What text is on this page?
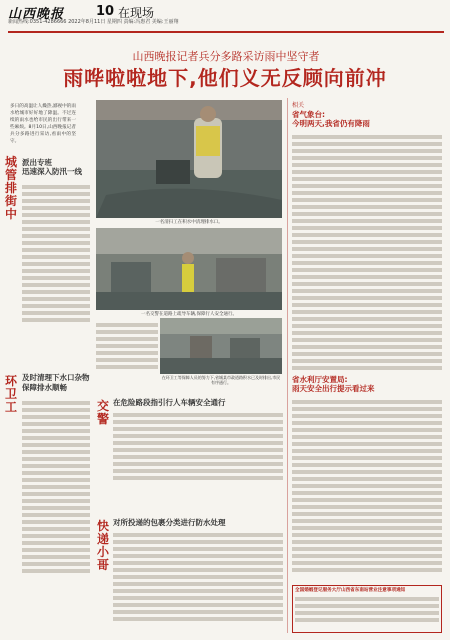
山西晚报 10 在现场
新闻热线:0351-4286666 2022年8月11日 星期四 责编:冯惠君 美编:王丽翔
山西晚报记者兵分多路采访雨中坚守者
雨哗啦啦地下,他们义无反顾向前冲
多日的高温让人燥热,鄙视中的雨水给城市好好地了降温。不过连续的雨水也给市民的出行带来一些麻烦。8月10日,山西晚报记者兵分多路进行采访,看雨中的坚守。
城管排街中
派出专班
迅速深入防汛一线
环卫工
及时清理下水口杂物
保障排水顺畅
一名清扫工在积水中清理排水口。
一名交警在道路上疏导车辆,保障行人安全通行。
在环卫工等保障人员的努力下,省城某市政道路积水已及时排出,市民有序通行。
交警
在危险路段指引行人车辆安全通行
快递小哥
对所投递的包裹分类进行防水处理
相关
省气象台:
今明两天,我省仍有降雨
省水利厅安置局:
雨天安全出行提示看过来
全国婚姻登记服务大厅山西省东南站营业注意事项通知
